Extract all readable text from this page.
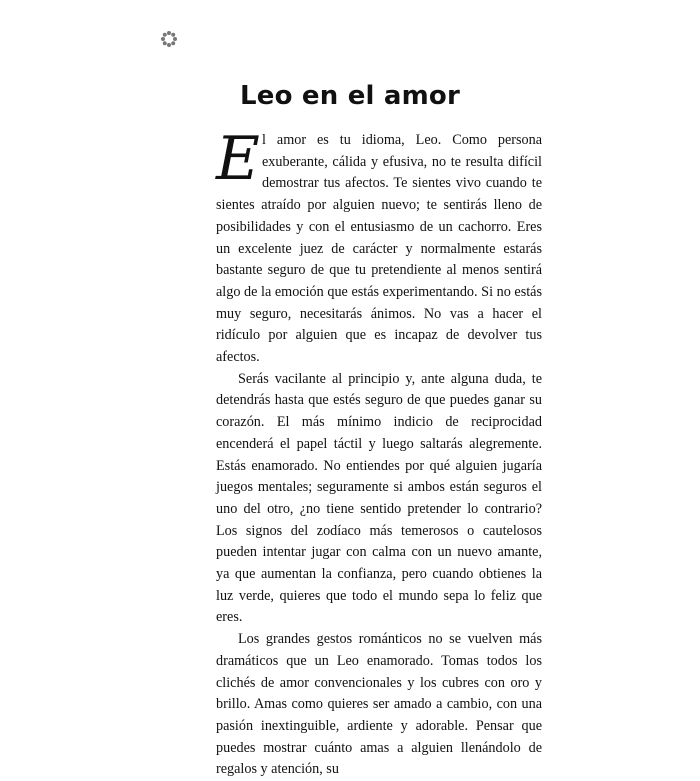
Leo en el amor

El amor es tu idioma, Leo. Como persona exuberante, cálida y efusiva, no te resulta difícil demostrar tus afectos. Te sientes vivo cuando te sientes atraído por alguien nuevo; te sentirás lleno de posibilidades y con el entusiasmo de un cachorro. Eres un excelente juez de carácter y normalmente estarás bastante seguro de que tu pretendiente al menos sentirá algo de la emoción que estás experimentando. Si no estás muy seguro, necesitarás ánimos. No vas a hacer el ridículo por alguien que es incapaz de devolver tus afectos.

Serás vacilante al principio y, ante alguna duda, te detendrás hasta que estés seguro de que puedes ganar su corazón. El más mínimo indicio de reciprocidad encenderá el papel táctil y luego saltarás alegremente. Estás enamorado. No entiendes por qué alguien jugaría juegos mentales; seguramente si ambos están seguros el uno del otro, ¿no tiene sentido pretender lo contrario? Los signos del zodíaco más temerosos o cautelosos pueden intentar jugar con calma con un nuevo amante, ya que aumentan la confianza, pero cuando obtienes la luz verde, quieres que todo el mundo sepa lo feliz que eres.

Los grandes gestos románticos no se vuelven más dramáticos que un Leo enamorado. Tomas todos los clichés de amor convencionales y los cubres con oro y brillo. Amas como quieres ser amado a cambio, con una pasión inextinguible, ardiente y adorable. Pensar que puedes mostrar cuánto amas a alguien llenándolo de regalos y atención, su
